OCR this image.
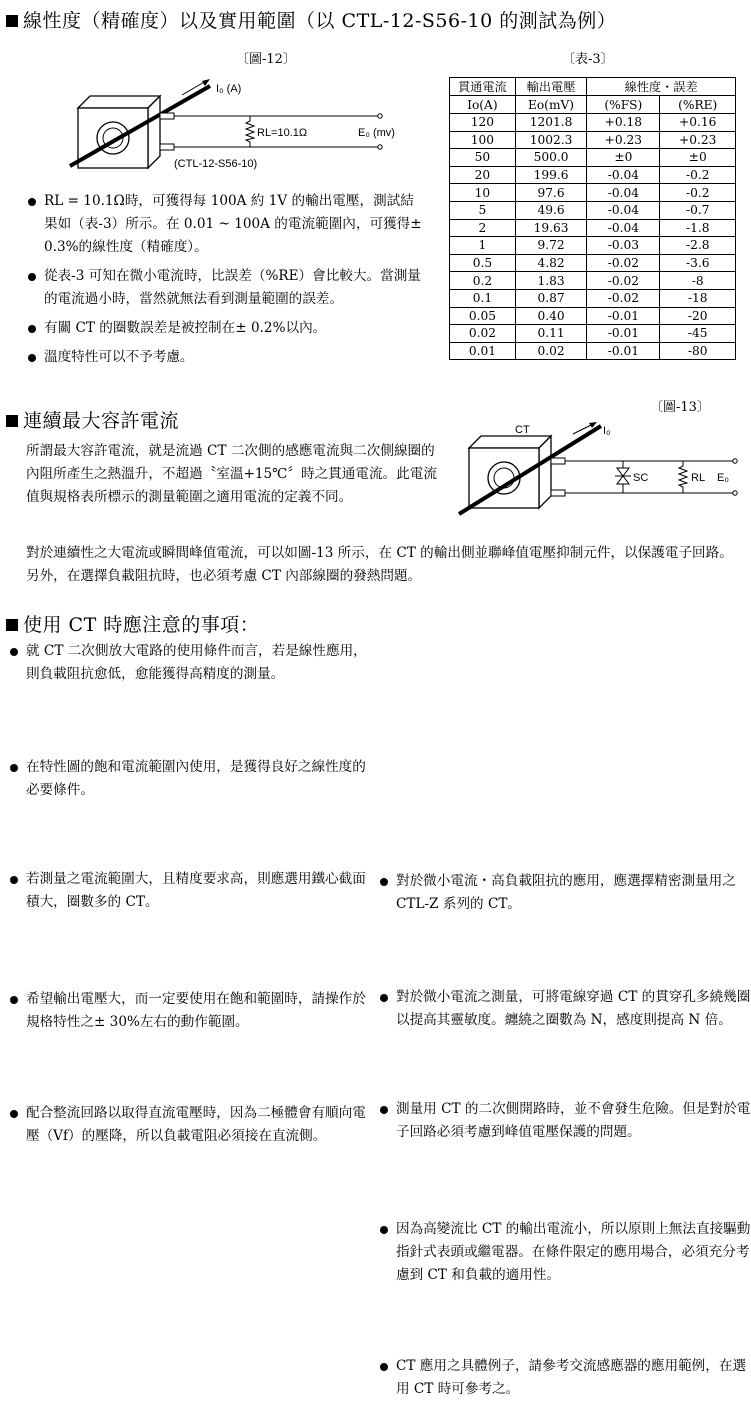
線性度（精確度）以及實用範圍（以 CTL-12-S56-10 的測試為例）
〔圖-12〕	〔表-3〕
I₀ (A)
RL=10.1Ω	E₀ (mv)
(CTL-12-S56-10)
RL = 10.1Ω時，可獲得每 100A 約 1V 的輸出電壓，測試結果如（表-3）所示。在 0.01 ~ 100A 的電流範圍內，可獲得± 0.3%的線性度（精確度）。
從表-3 可知在微小電流時，比誤差（%RE）會比較大。當測量的電流過小時，當然就無法看到測量範圍的誤差。
有關 CT 的圈數誤差是被控制在± 0.2%以內。
溫度特性可以不予考慮。
貫通電流	輸出電壓	線性度・誤差	
Io(A)	Eo(mV)	(%FS)	(%RE)
120	1201.8	+0.18	+0.16
100	1002.3	+0.23	+0.23
50	500.0	±0	±0
20	199.6	-0.04	-0.2
10	97.6	-0.04	-0.2
5	49.6	-0.04	-0.7
2	19.63	-0.04	-1.8
1	9.72	-0.03	-2.8
0.5	4.82	-0.02	-3.6
0.2	1.83	-0.02	-8
0.1	0.87	-0.02	-18
0.05	0.40	-0.01	-20
0.02	0.11	-0.01	-45
0.01	0.02	-0.01	-80
連續最大容許電流
〔圖-13〕
所謂最大容許電流，就是流過 CT 二次側的感應電流與二次側線圈的內阻所產生之熱溫升，不超過〝室溫+15℃〞時之貫通電流。此電流值與規格表所標示的測量範圍之適用電流的定義不同。
CT	I₀
SC	RL E₀
對於連續性之大電流或瞬間峰值電流，可以如圖-13 所示，在 CT 的輸出側並聯峰值電壓抑制元件，以保護電子回路。另外，在選擇負載阻抗時，也必須考慮 CT 內部線圈的發熱問題。
使用 CT 時應注意的事項：
就 CT 二次側放大電路的使用條件而言，若是線性應用，則負載阻抗愈低，愈能獲得高精度的測量。
在特性圖的飽和電流範圍內使用，是獲得良好之線性度的必要條件。
若測量之電流範圍大，且精度要求高，則應選用鐵心截面積大，圈數多的 CT。
希望輸出電壓大，而一定要使用在飽和範圍時，請操作於規格特性之± 30%左右的動作範圍。
配合整流回路以取得直流電壓時，因為二極體會有順向電壓（Vf）的壓降，所以負載電阻必須接在直流側。
對於微小電流・高負載阻抗的應用，應選擇精密測量用之 CTL-Z 系列的 CT。
對於微小電流之測量，可將電線穿過 CT 的貫穿孔多繞幾圈以提高其靈敏度。纏繞之圈數為 N，感度則提高 N 倍。
測量用 CT 的二次側開路時，並不會發生危險。但是對於電子回路必須考慮到峰值電壓保護的問題。
因為高變流比 CT 的輸出電流小，所以原則上無法直接驅動指針式表頭或繼電器。在條件限定的應用場合，必須充分考慮到 CT 和負載的適用性。
CT 應用之具體例子，請參考交流感應器的應用範例，在選用 CT 時可參考之。
